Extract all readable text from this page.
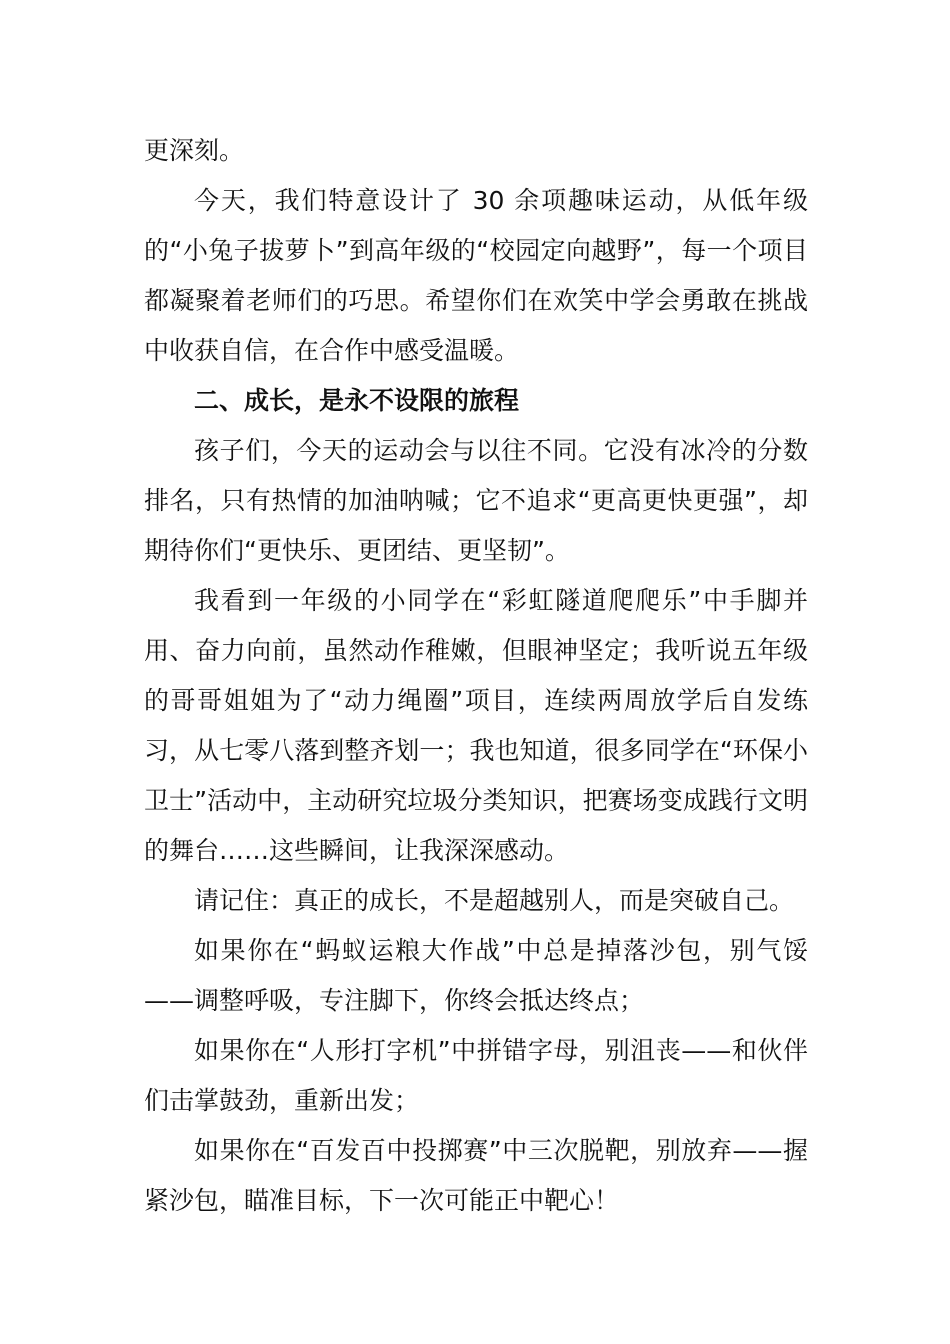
更深刻。

今天，我们特意设计了 30 余项趣味运动，从低年级的“小兔子拔萝卜”到高年级的“校园定向越野”，每一个项目都凝聚着老师们的巧思。希望你们在欢笑中学会勇敢在挑战中收获自信，在合作中感受温暖。

二、成长，是永不设限的旅程

孩子们，今天的运动会与以往不同。它没有冰冷的分数排名，只有热情的加油呐喊；它不追求“更高更快更强”，却期待你们“更快乐、更团结、更坚韧”。

我看到一年级的小同学在“彩虹隧道爬爬乐”中手脚并用、奋力向前，虽然动作稚嫩，但眼神坚定；我听说五年级的哥哥姐姐为了“动力绳圈”项目，连续两周放学后自发练习，从七零八落到整齐划一；我也知道，很多同学在“环保小卫士”活动中，主动研究垃圾分类知识，把赛场变成践行文明的舞台……这些瞬间，让我深深感动。

请记住：真正的成长，不是超越别人，而是突破自己。

如果你在“蚂蚁运粮大作战”中总是掉落沙包，别气馁——调整呼吸，专注脚下，你终会抵达终点；

如果你在“人形打字机”中拼错字母，别沮丧——和伙伴们击掌鼓劲，重新出发；

如果你在“百发百中投掷赛”中三次脱靶，别放弃——握紧沙包，瞄准目标，下一次可能正中靶心！
